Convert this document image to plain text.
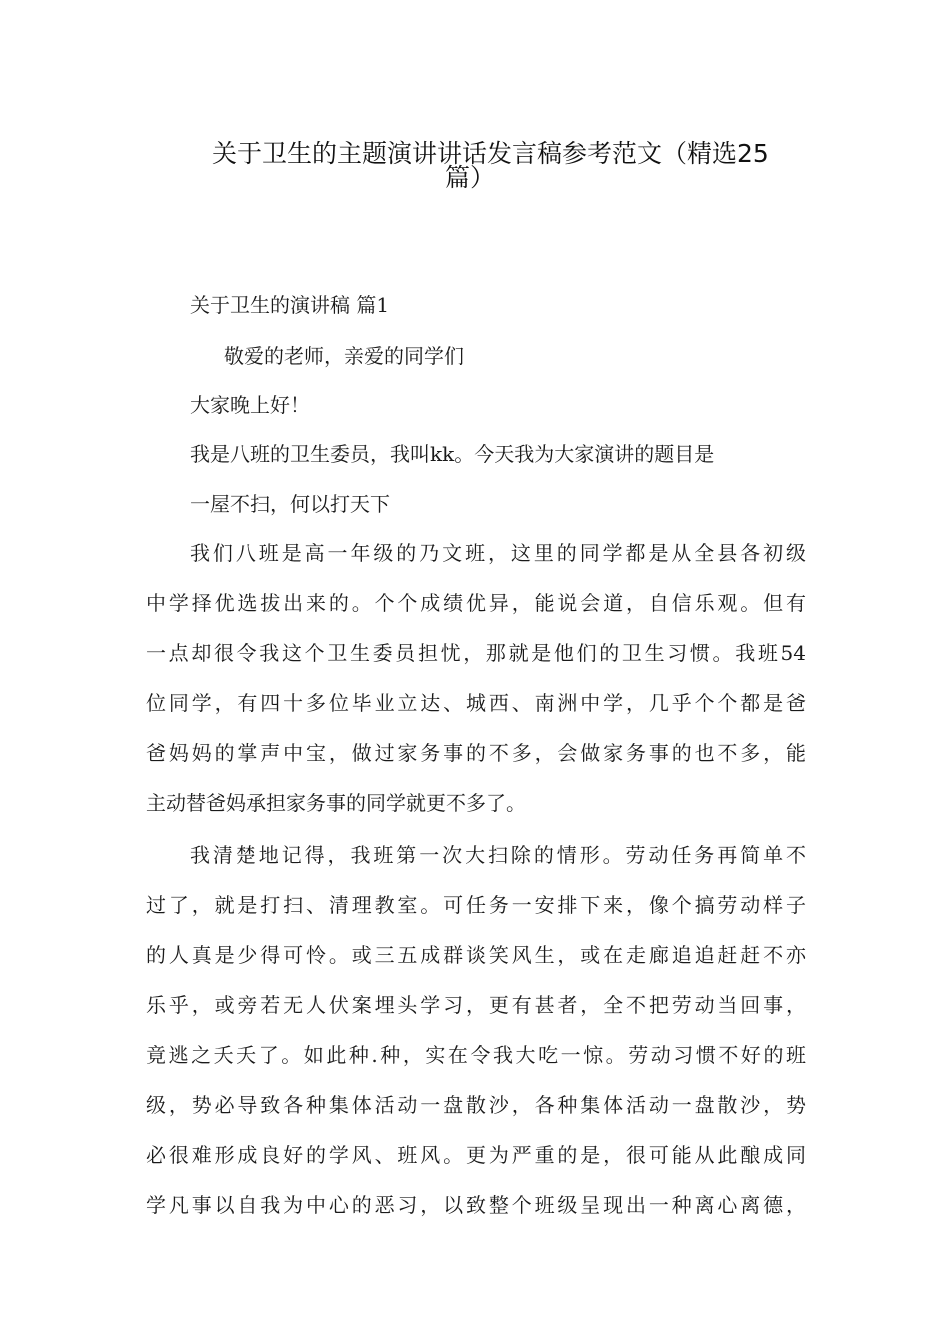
关于卫生的主题演讲讲话发言稿参考范文（精选25
篇）
关于卫生的演讲稿 篇1
敬爱的老师，亲爱的同学们
大家晚上好！
我是八班的卫生委员，我叫kk。今天我为大家演讲的题目是
一屋不扫，何以打天下
我们八班是高一年级的乃文班，这里的同学都是从全县各初级
中学择优选拔出来的。个个成绩优异，能说会道，自信乐观。但有
一点却很令我这个卫生委员担忧，那就是他们的卫生习惯。我班54
位同学，有四十多位毕业立达、城西、南洲中学，几乎个个都是爸
爸妈妈的掌声中宝，做过家务事的不多，会做家务事的也不多，能
主动替爸妈承担家务事的同学就更不多了。
我清楚地记得，我班第一次大扫除的情形。劳动任务再简单不
过了，就是打扫、清理教室。可任务一安排下来，像个搞劳动样子
的人真是少得可怜。或三五成群谈笑风生，或在走廊追追赶赶不亦
乐乎，或旁若无人伏案埋头学习，更有甚者，全不把劳动当回事，
竟逃之夭夭了。如此种.种，实在令我大吃一惊。劳动习惯不好的班
级，势必导致各种集体活动一盘散沙，各种集体活动一盘散沙，势
必很难形成良好的学风、班风。更为严重的是，很可能从此酿成同
学凡事以自我为中心的恶习，以致整个班级呈现出一种离心离德，
